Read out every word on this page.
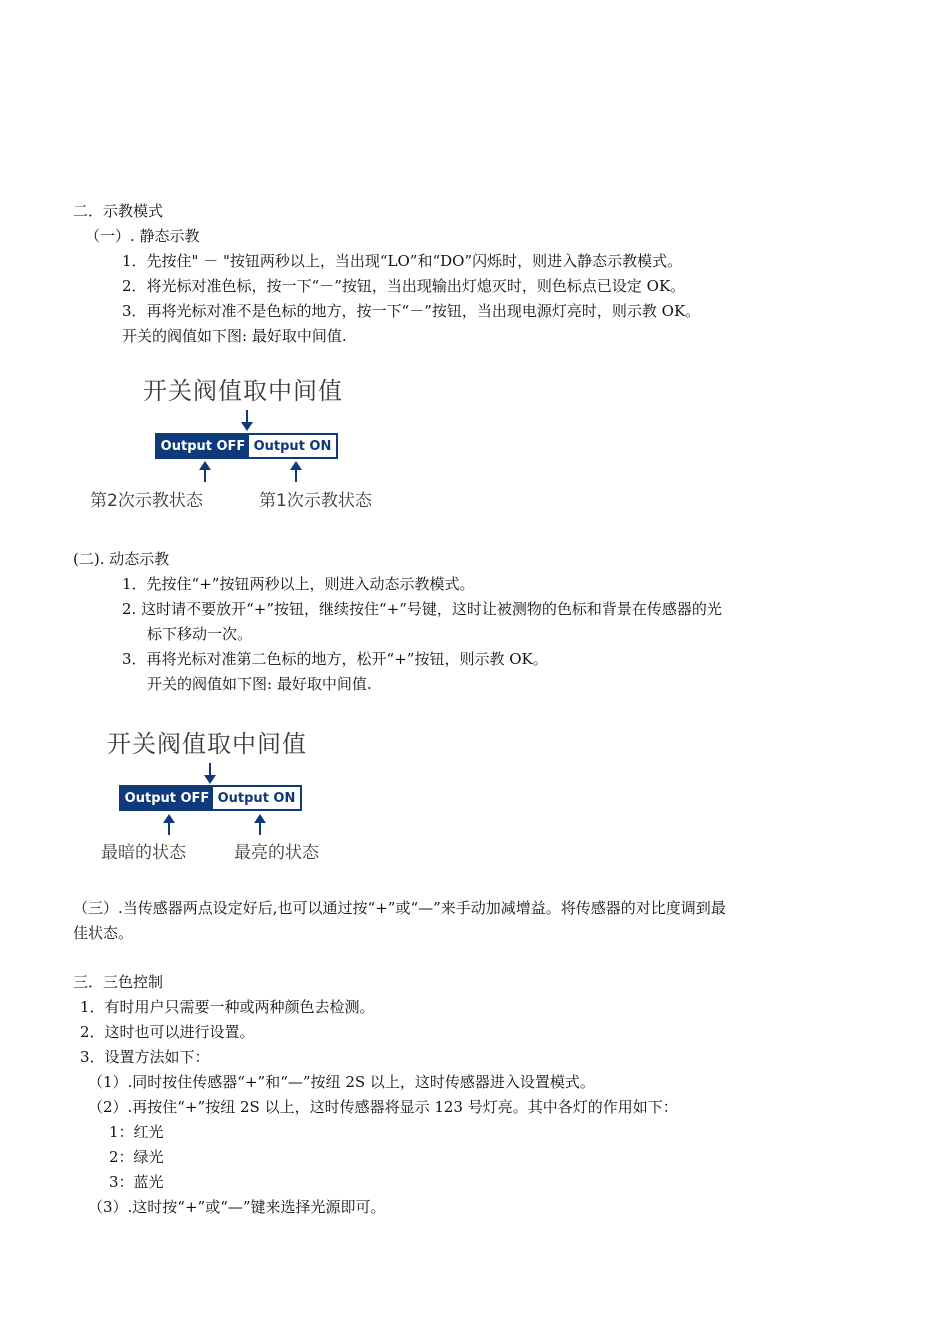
二．示教模式
（一）. 静态示教
1．先按住" － "按钮两秒以上，当出现“LO”和“DO”闪烁时，则进入静态示教模式。
2．将光标对准色标，按一下“－”按钮，当出现输出灯熄灭时，则色标点已设定 OK。
3．再将光标对准不是色标的地方，按一下“－”按钮，当出现电源灯亮时，则示教 OK。
开关的阀值如下图: 最好取中间值.
开关阀值取中间值
Output OFF Output ON
第2次示教状态	第1次示教状态
(二). 动态示教
1．先按住“+”按钮两秒以上，则进入动态示教模式。
2. 这时请不要放开“+”按钮，继续按住“+”号键，这时让被测物的色标和背景在传感器的光
标下移动一次。
3．再将光标对准第二色标的地方，松开“+”按钮，则示教 OK。
开关的阀值如下图: 最好取中间值.
开关阀值取中间值
Output OFF Output ON
最暗的状态	最亮的状态
（三）.当传感器两点设定好后,也可以通过按“+”或“—”来手动加减增益。将传感器的对比度调到最
佳状态。
三．三色控制
1．有时用户只需要一种或两种颜色去检测。
2．这时也可以进行设置。
3．设置方法如下：
（1）.同时按住传感器“+”和“—”按纽 2S 以上，这时传感器进入设置模式。
（2）.再按住“+”按纽 2S 以上，这时传感器将显示 123 号灯亮。其中各灯的作用如下：
1：红光
2：绿光
3：蓝光
（3）.这时按“+”或“—”键来选择光源即可。
